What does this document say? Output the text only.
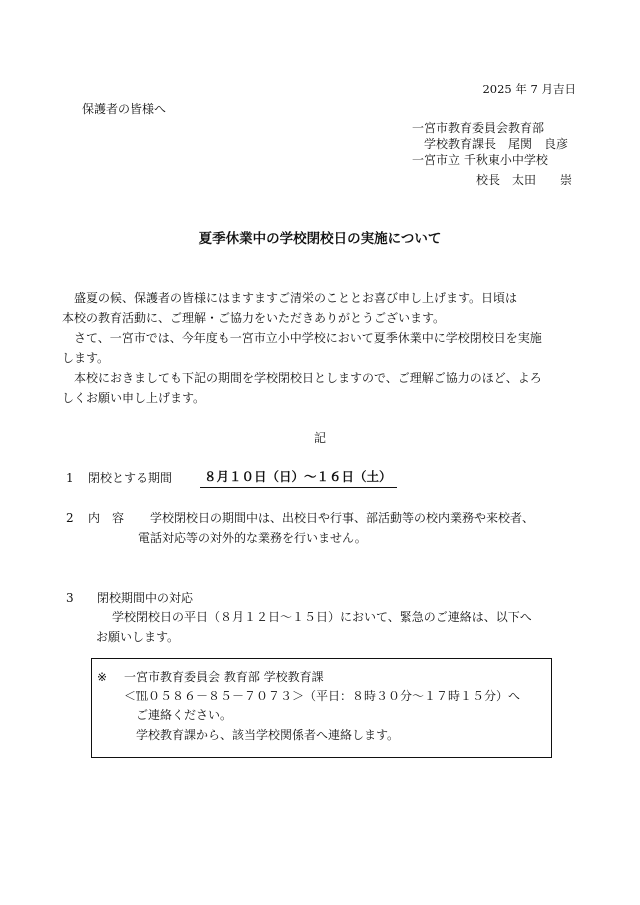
2025 年 7 月吉日
保護者の皆様へ
一宮市教育委員会教育部
学校教育課長　尾関　良彦
一宮市立 千秋東小中学校
校長　太田　　崇
夏季休業中の学校閉校日の実施について
盛夏の候、保護者の皆様にはますますご清栄のこととお喜び申し上げます。日頃は
本校の教育活動に、ご理解・ご協力をいただきありがとうございます。
さて、一宮市では、今年度も一宮市立小中学校において夏季休業中に学校閉校日を実施
します。
本校におきましても下記の期間を学校閉校日としますので、ご理解ご協力のほど、よろ
しくお願い申し上げます。
記
1 閉校とする期間	８月１０日（日）～１６日（土）
2 内　容 学校閉校日の期間中は、出校日や行事、部活動等の校内業務や来校者、
電話対応等の対外的な業務を行いません。
3 閉校期間中の対応
学校閉校日の平日（８月１２日～１５日）において、緊急のご連絡は、以下へ
お願いします。
※ 一宮市教育委員会 教育部 学校教育課
＜℡０５８６－８５－７０７３＞（平日：８時３０分～１７時１５分）へ
ご連絡ください。
学校教育課から、該当学校関係者へ連絡します。
